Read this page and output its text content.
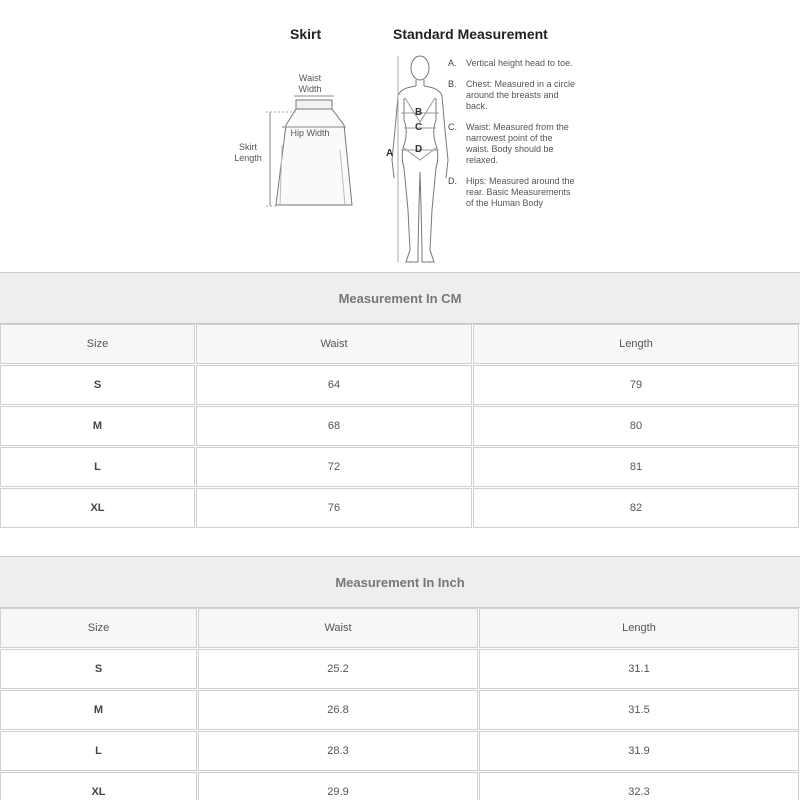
Skirt	Standard Measurement
Waist
Width
Hip Width
Skirt
Length	A
B
C
D
A. Vertical height head to toe.
B. Chest: Measured in a circle around the breasts and back.
C. Waist: Measured from the narrowest point of the waist. Body should be relaxed.
D. Hips: Measured around the rear. Basic Measurements of the Human Body
Measurement In CM
Size	Waist	Length
S	64	79
M	68	80
L	72	81
XL	76	82
Measurement In Inch
Size	Waist	Length
S	25.2	31.1
M	26.8	31.5
L	28.3	31.9
XL	29.9	32.3
